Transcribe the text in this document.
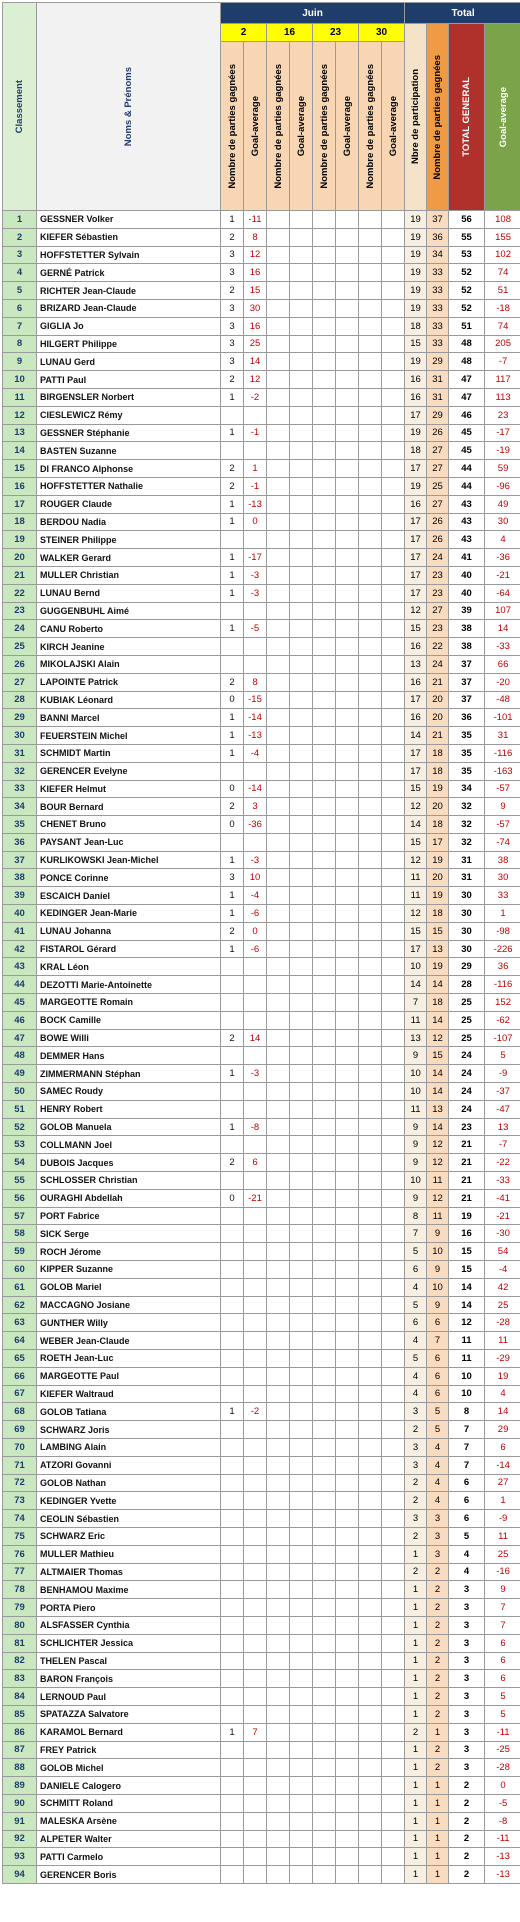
Classement	Noms & Prénoms	Juin								Total			
		2		16		23		30		Nbre de participation	Nombre de parties gagnées	TOTAL GENERAL	Goal-average

		Nombre de parties gagnées	Goal-average	Nombre de parties gagnées	Goal-average	Nombre de parties gagnées	Goal-average	Nombre de parties gagnées	Goal-average				

1	GESSNER Volker	1	-11							19	37	56	108
2	KIEFER Sébastien	2	8							19	36	55	155
3	HOFFSTETTER Sylvain	3	12							19	34	53	102
4	GERNÉ Patrick	3	16							19	33	52	74
5	RICHTER Jean-Claude	2	15							19	33	52	51
6	BRIZARD Jean-Claude	3	30							19	33	52	-18
7	GIGLIA Jo	3	16							18	33	51	74
8	HILGERT Philippe	3	25							15	33	48	205
9	LUNAU Gerd	3	14							19	29	48	-7
10	PATTI Paul	2	12							16	31	47	117
11	BIRGENSLER Norbert	1	-2							16	31	47	113
12	CIESLEWICZ Rémy									17	29	46	23
13	GESSNER Stéphanie	1	-1							19	26	45	-17
14	BASTEN Suzanne									18	27	45	-19
15	DI FRANCO Alphonse	2	1							17	27	44	59
16	HOFFSTETTER Nathalie	2	-1							19	25	44	-96
17	ROUGER Claude	1	-13							16	27	43	49
18	BERDOU Nadia	1	0							17	26	43	30
19	STEINER Philippe									17	26	43	4
20	WALKER Gerard	1	-17							17	24	41	-36
21	MULLER Christian	1	-3							17	23	40	-21
22	LUNAU Bernd	1	-3							17	23	40	-64
23	GUGGENBUHL Aimé									12	27	39	107
24	CANU Roberto	1	-5							15	23	38	14
25	KIRCH Jeanine									16	22	38	-33
26	MIKOLAJSKI Alain									13	24	37	66
27	LAPOINTE Patrick	2	8							16	21	37	-20
28	KUBIAK Léonard	0	-15							17	20	37	-48
29	BANNI Marcel	1	-14							16	20	36	-101
30	FEUERSTEIN Michel	1	-13							14	21	35	31
31	SCHMIDT Martin	1	-4							17	18	35	-116
32	GERENCER Evelyne									17	18	35	-163
33	KIEFER Helmut	0	-14							15	19	34	-57
34	BOUR Bernard	2	3							12	20	32	9
35	CHENET Bruno	0	-36							14	18	32	-57
36	PAYSANT Jean-Luc									15	17	32	-74
37	KURLIKOWSKI Jean-Michel	1	-3							12	19	31	38
38	PONCE Corinne	3	10							11	20	31	30
39	ESCAICH Daniel	1	-4							11	19	30	33
40	KEDINGER Jean-Marie	1	-6							12	18	30	1
41	LUNAU Johanna	2	0							15	15	30	-98
42	FISTAROL Gérard	1	-6							17	13	30	-226
43	KRAL Léon									10	19	29	36
44	DEZOTTI Marie-Antoinette									14	14	28	-116
45	MARGEOTTE Romain									7	18	25	152
46	BOCK Camille									11	14	25	-62
47	BOWE Willi	2	14							13	12	25	-107
48	DEMMER Hans									9	15	24	5
49	ZIMMERMANN Stéphan	1	-3							10	14	24	-9
50	SAMEC Roudy									10	14	24	-37
51	HENRY Robert									11	13	24	-47
52	GOLOB Manuela	1	-8							9	14	23	13
53	COLLMANN Joel									9	12	21	-7
54	DUBOIS Jacques	2	6							9	12	21	-22
55	SCHLOSSER Christian									10	11	21	-33
56	OURAGHI Abdellah	0	-21							9	12	21	-41
57	PORT Fabrice									8	11	19	-21
58	SICK Serge									7	9	16	-30
59	ROCH Jérome									5	10	15	54
60	KIPPER Suzanne									6	9	15	-4
61	GOLOB Mariel									4	10	14	42
62	MACCAGNO Josiane									5	9	14	25
63	GUNTHER Willy									6	6	12	-28
64	WEBER Jean-Claude									4	7	11	11
65	ROETH Jean-Luc									5	6	11	-29
66	MARGEOTTE Paul									4	6	10	19
67	KIEFER Waltraud									4	6	10	4
68	GOLOB Tatiana	1	-2							3	5	8	14
69	SCHWARZ Joris									2	5	7	29
70	LAMBING Alain									3	4	7	6
71	ATZORI Govanni									3	4	7	-14
72	GOLOB Nathan									2	4	6	27
73	KEDINGER Yvette									2	4	6	1
74	CEOLIN Sébastien									3	3	6	-9
75	SCHWARZ Eric									2	3	5	11
76	MULLER Mathieu									1	3	4	25
77	ALTMAIER Thomas									2	2	4	-16
78	BENHAMOU Maxime									1	2	3	9
79	PORTA Piero									1	2	3	7
80	ALSFASSER Cynthia									1	2	3	7
81	SCHLICHTER Jessica									1	2	3	6
82	THELEN Pascal									1	2	3	6
83	BARON François									1	2	3	6
84	LERNOUD Paul									1	2	3	5
85	SPATAZZA Salvatore									1	2	3	5
86	KARAMOL Bernard	1	7							2	1	3	-11
87	FREY Patrick									1	2	3	-25
88	GOLOB Michel									1	2	3	-28
89	DANIELE Calogero									1	1	2	0
90	SCHMITT Roland									1	1	2	-5
91	MALESKA Arsène									1	1	2	-8
92	ALPETER Walter									1	1	2	-11
93	PATTI Carmelo									1	1	2	-13
94	GERENCER Boris									1	1	2	-13
